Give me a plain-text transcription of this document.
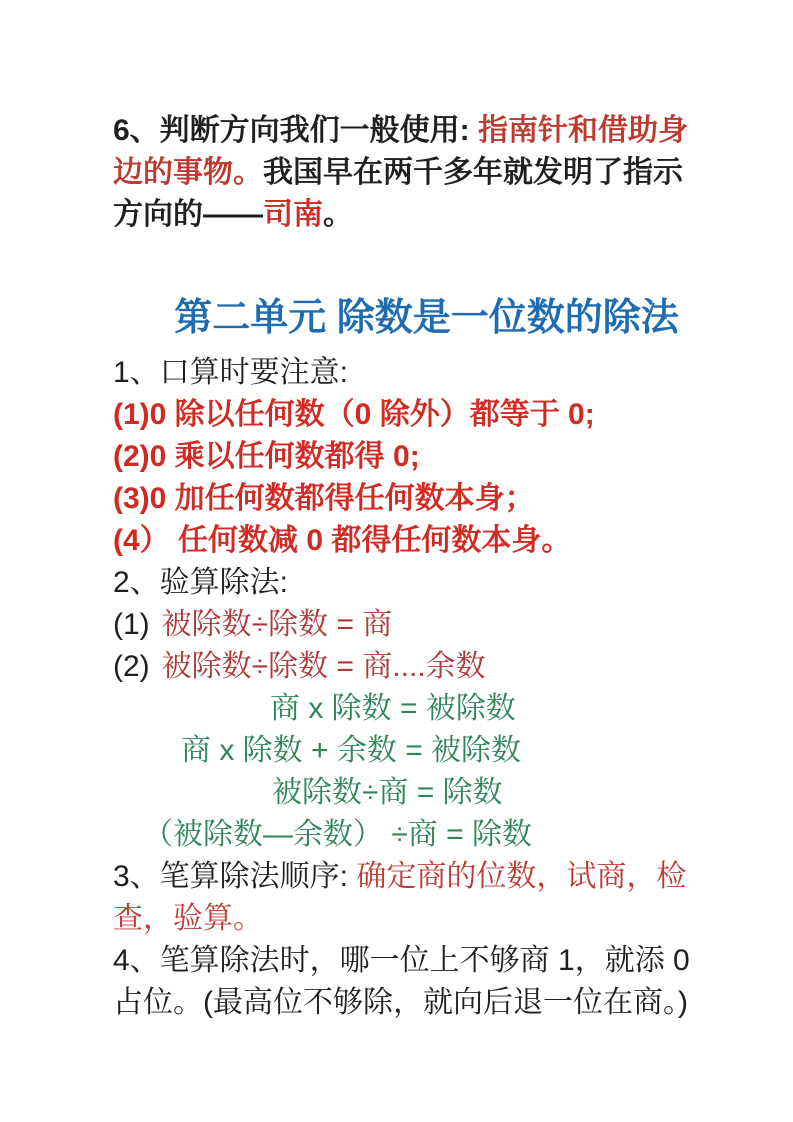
6、判断方向我们一般使用: 指南针和借助身
边的事物。我国早在两千多年就发明了指示
方向的——司南。
第二单元 除数是一位数的除法
1、口算时要注意:
(1)0 除以任何数（0 除外）都等于 0;
(2)0 乘以任何数都得 0;
(3)0 加任何数都得任何数本身；
(4） 任何数减 0 都得任何数本身。
2、验算除法:
(1) 被除数÷除数 = 商
(2) 被除数÷除数 = 商....余数
商 x 除数 = 被除数
商 x 除数 + 余数 = 被除数
被除数÷商 = 除数
（被除数—余数） ÷商 = 除数
3、笔算除法顺序: 确定商的位数，试商，检
查，验算。
4、笔算除法时，哪一位上不够商 1，就添 0
占位。(最高位不够除，就向后退一位在商。)
